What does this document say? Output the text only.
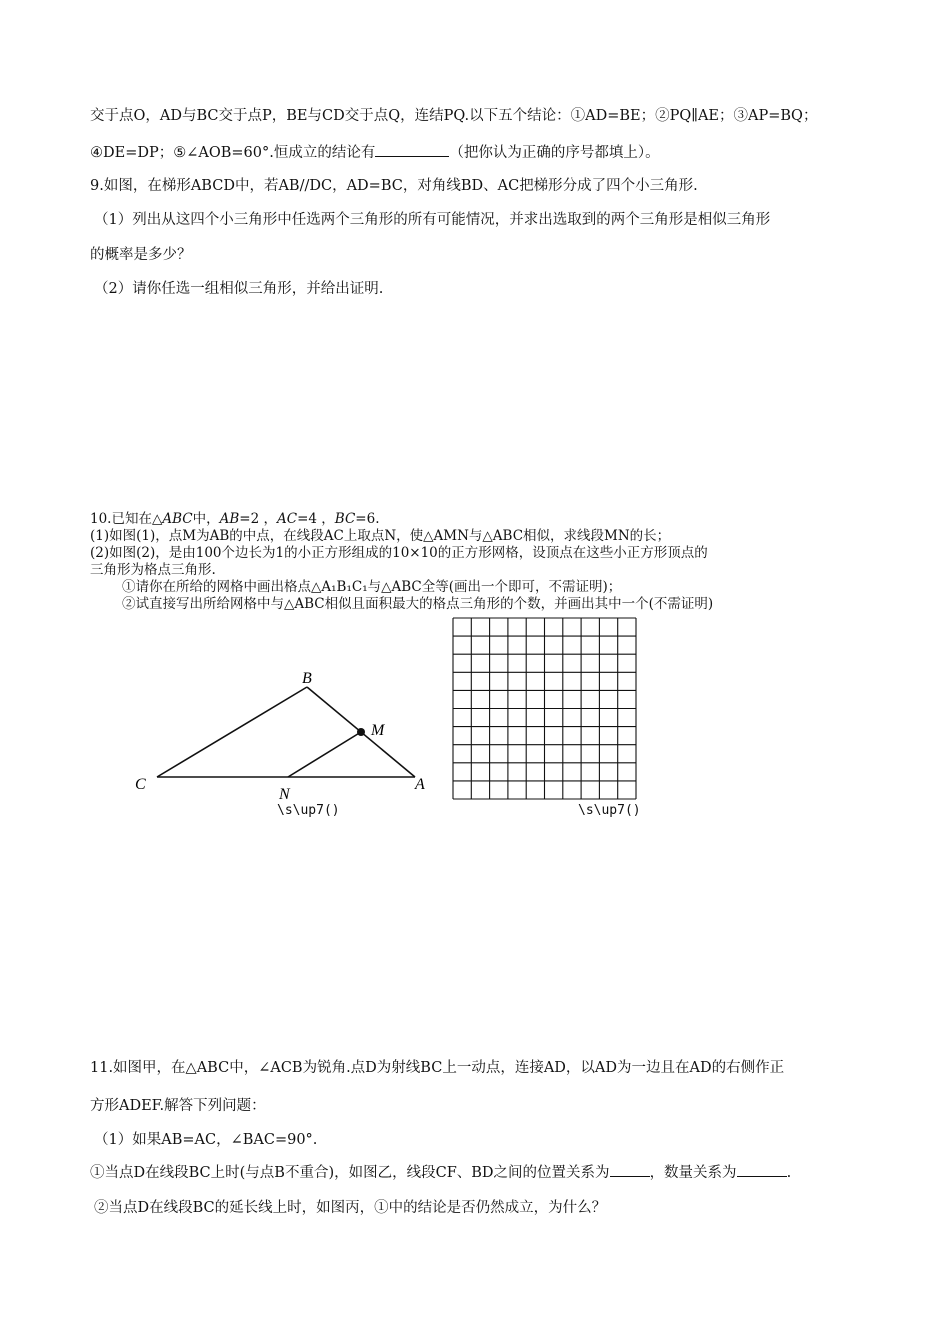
交于点O，AD与BC交于点P，BE与CD交于点Q，连结PQ.以下五个结论：①AD=BE；②PQ∥AE；③AP=BQ；
④DE=DP；⑤∠AOB=60°.恒成立的结论有	（把你认为正确的序号都填上）。
9.如图，在梯形ABCD中，若AB//DC，AD=BC，对角线BD、AC把梯形分成了四个小三角形.
（1）列出从这四个小三角形中任选两个三角形的所有可能情况，并求出选取到的两个三角形是相似三角形
的概率是多少？
（2）请你任选一组相似三角形，并给出证明.
10.已知在△ABC中，AB=2 ，AC=4 ，BC=6.
(1)如图(1)，点M为AB的中点，在线段AC上取点N，使△AMN与△ABC相似，求线段MN的长；
(2)如图(2)，是由100个边长为1的小正方形组成的10×10的正方形网格，设顶点在这些小正方形顶点的
三角形为格点三角形.
①请你在所给的网格中画出格点△A₁B₁C₁与△ABC全等(画出一个即可，不需证明)；
②试直接写出所给网格中与△ABC相似且面积最大的格点三角形的个数，并画出其中一个(不需证明)
B
M
C
N
A
\s\up7()	\s\up7()
11.如图甲，在△ABC中，∠ACB为锐角.点D为射线BC上一动点，连接AD，以AD为一边且在AD的右侧作正
方形ADEF.解答下列问题：
（1）如果AB=AC，∠BAC=90°.
①当点D在线段BC上时(与点B不重合)，如图乙，线段CF、BD之间的位置关系为	，数量关系为	.
②当点D在线段BC的延长线上时，如图丙，①中的结论是否仍然成立，为什么？
